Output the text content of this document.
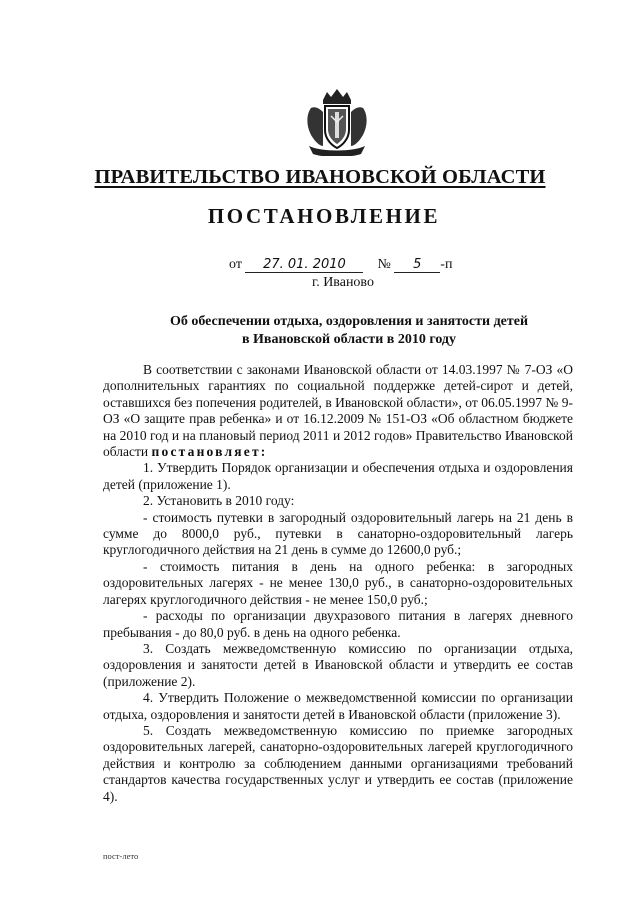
ПРАВИТЕЛЬСТВО ИВАНОВСКОЙ ОБЛАСТИ
ПОСТАНОВЛЕНИЕ
от 27. 01. 2010 № 5 -п
г. Иваново
Об обеспечении отдыха, оздоровления и занятости детей
в Ивановской области в 2010 году

В соответствии с законами Ивановской области от 14.03.1997 № 7-ОЗ «О дополнительных гарантиях по социальной поддержке детей-сирот и детей, оставшихся без попечения родителей, в Ивановской области», от 06.05.1997 № 9-ОЗ «О защите прав ребенка» и от 16.12.2009 № 151-ОЗ «Об областном бюджете на 2010 год и на плановый период 2011 и 2012 годов» Правительство Ивановской области постановляет:

1. Утвердить Порядок организации и обеспечения отдыха и оздоровления детей (приложение 1).

2. Установить в 2010 году:

- стоимость путевки в загородный оздоровительный лагерь на 21 день в сумме до 8000,0 руб., путевки в санаторно-оздоровительный лагерь круглогодичного действия на 21 день в сумме до 12600,0 руб.;

- стоимость питания в день на одного ребенка: в загородных оздоровительных лагерях - не менее 130,0 руб., в санаторно-оздоровительных лагерях круглогодичного действия - не менее 150,0 руб.;

- расходы по организации двухразового питания в лагерях дневного пребывания - до 80,0 руб. в день на одного ребенка.

3. Создать межведомственную комиссию по организации отдыха, оздоровления и занятости детей в Ивановской области и утвердить ее состав (приложение 2).

4. Утвердить Положение о межведомственной комиссии по организации отдыха, оздоровления и занятости детей в Ивановской области (приложение 3).

5. Создать межведомственную комиссию по приемке загородных оздоровительных лагерей, санаторно-оздоровительных лагерей круглогодичного действия и контролю за соблюдением данными организациями требований стандартов качества государственных услуг и утвердить ее состав (приложение 4).

пост-лето
